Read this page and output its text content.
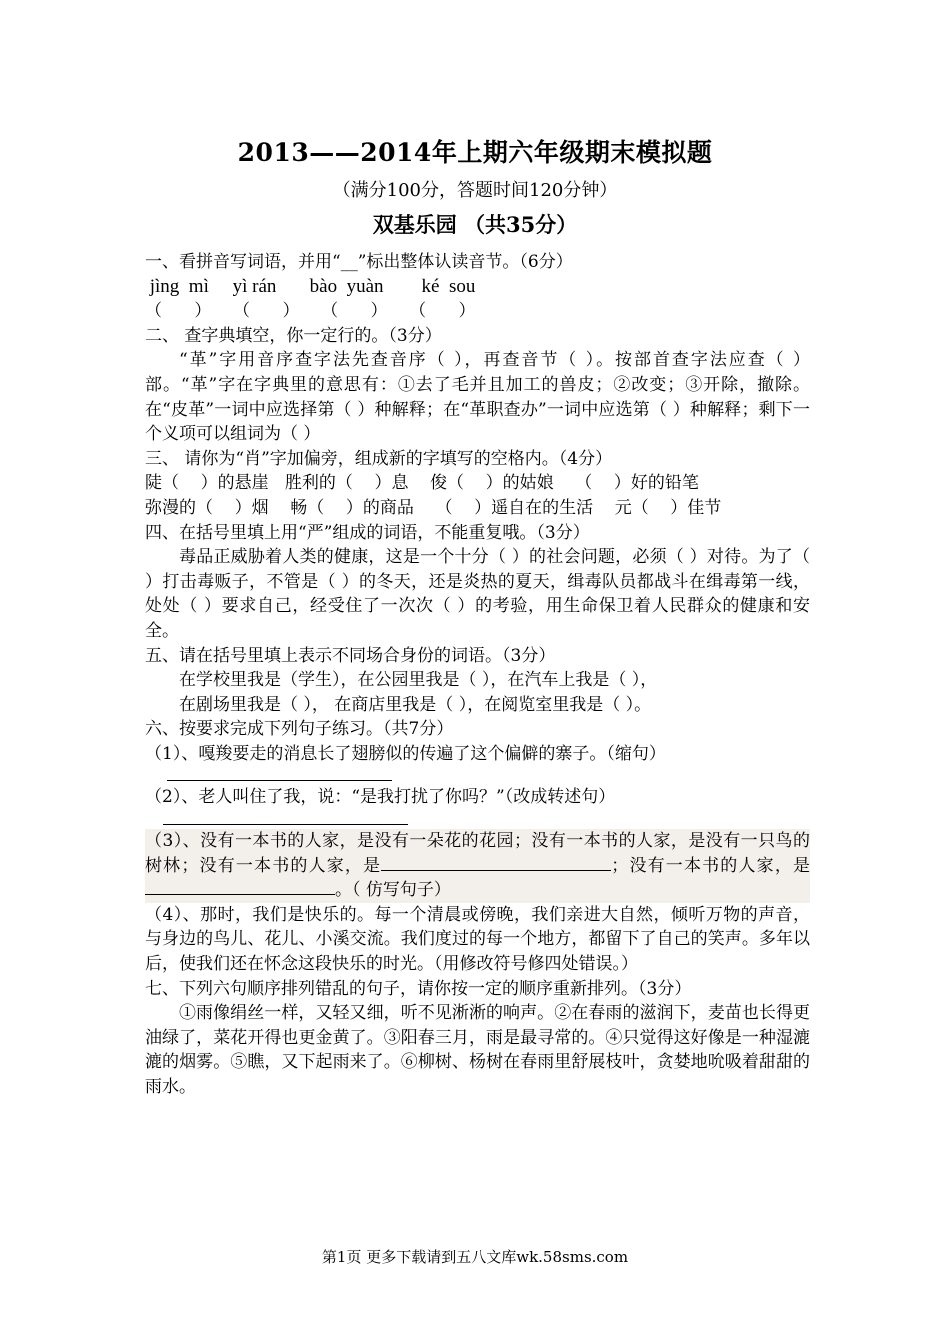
2013——2014年上期六年级期末模拟题
（满分100分，答题时间120分钟）
双基乐园 （共35分）

一、看拼音写词语，并用“__”标出整体认读音节。（6分）

jìng  mì     yì rán       bào  yuàn        ké  sou

（      ）    （      ）    （      ）    （      ）

二、 查字典填空，你一定行的。（3分）

“革”字用音序查字法先查音序（ ），再查音节（ ）。按部首查字法应查（ ）部。“革”字在字典里的意思有：①去了毛并且加工的兽皮；②改变；③开除，撤除。在“皮革”一词中应选择第（ ）种解释；在“革职查办”一词中应选第（ ）种解释；剩下一个义项可以组词为（ ）

三、 请你为“肖”字加偏旁，组成新的字填写的空格内。（4分）

陡（    ）的悬崖   胜利的（    ）息    俊（    ）的姑娘    （    ）好的铅笔

弥漫的（    ）烟    畅（    ）的商品    （    ）遥自在的生活    元（    ）佳节

四、在括号里填上用“严”组成的词语，不能重复哦。（3分）

毒品正威胁着人类的健康，这是一个十分（ ）的社会问题，必须（ ）对待。为了（ ）打击毒贩子，不管是（ ）的冬天，还是炎热的夏天，缉毒队员都战斗在缉毒第一线，处处（ ）要求自己，经受住了一次次（ ）的考验，用生命保卫着人民群众的健康和安全。

五、请在括号里填上表示不同场合身份的词语。（3分）

在学校里我是（学生），在公园里我是（ ），在汽车上我是（ ），

在剧场里我是（ ）， 在商店里我是（ ），在阅览室里我是（ ）。

六、按要求完成下列句子练习。（共7分）

（1）、嘎羧要走的消息长了翅膀似的传遍了这个偏僻的寨子。（缩句）

（2）、老人叫住了我，说：“是我打扰了你吗？”（改成转述句）

（3）、没有一本书的人家，是没有一朵花的花园；没有一本书的人家，是没有一只鸟的树林；没有一本书的人家，是	；没有一本书的人家，是。（ 仿写句子）

（4）、那时，我们是快乐的。每一个清晨或傍晚，我们亲进大自然，倾听万物的声音，与身边的鸟儿、花儿、小溪交流。我们度过的每一个地方，都留下了自己的笑声。多年以后，使我们还在怀念这段快乐的时光。（用修改符号修四处错误。）

七、下列六句顺序排列错乱的句子，请你按一定的顺序重新排列。（3分）

①雨像绢丝一样，又轻又细，听不见淅淅的响声。②在春雨的滋润下，麦苗也长得更油绿了，菜花开得也更金黄了。③阳春三月，雨是最寻常的。④只觉得这好像是一种湿漉漉的烟雾。⑤瞧，又下起雨来了。⑥柳树、杨树在春雨里舒展枝叶，贪婪地吮吸着甜甜的雨水。

第1页 更多下载请到五八文库wk.58sms.com
